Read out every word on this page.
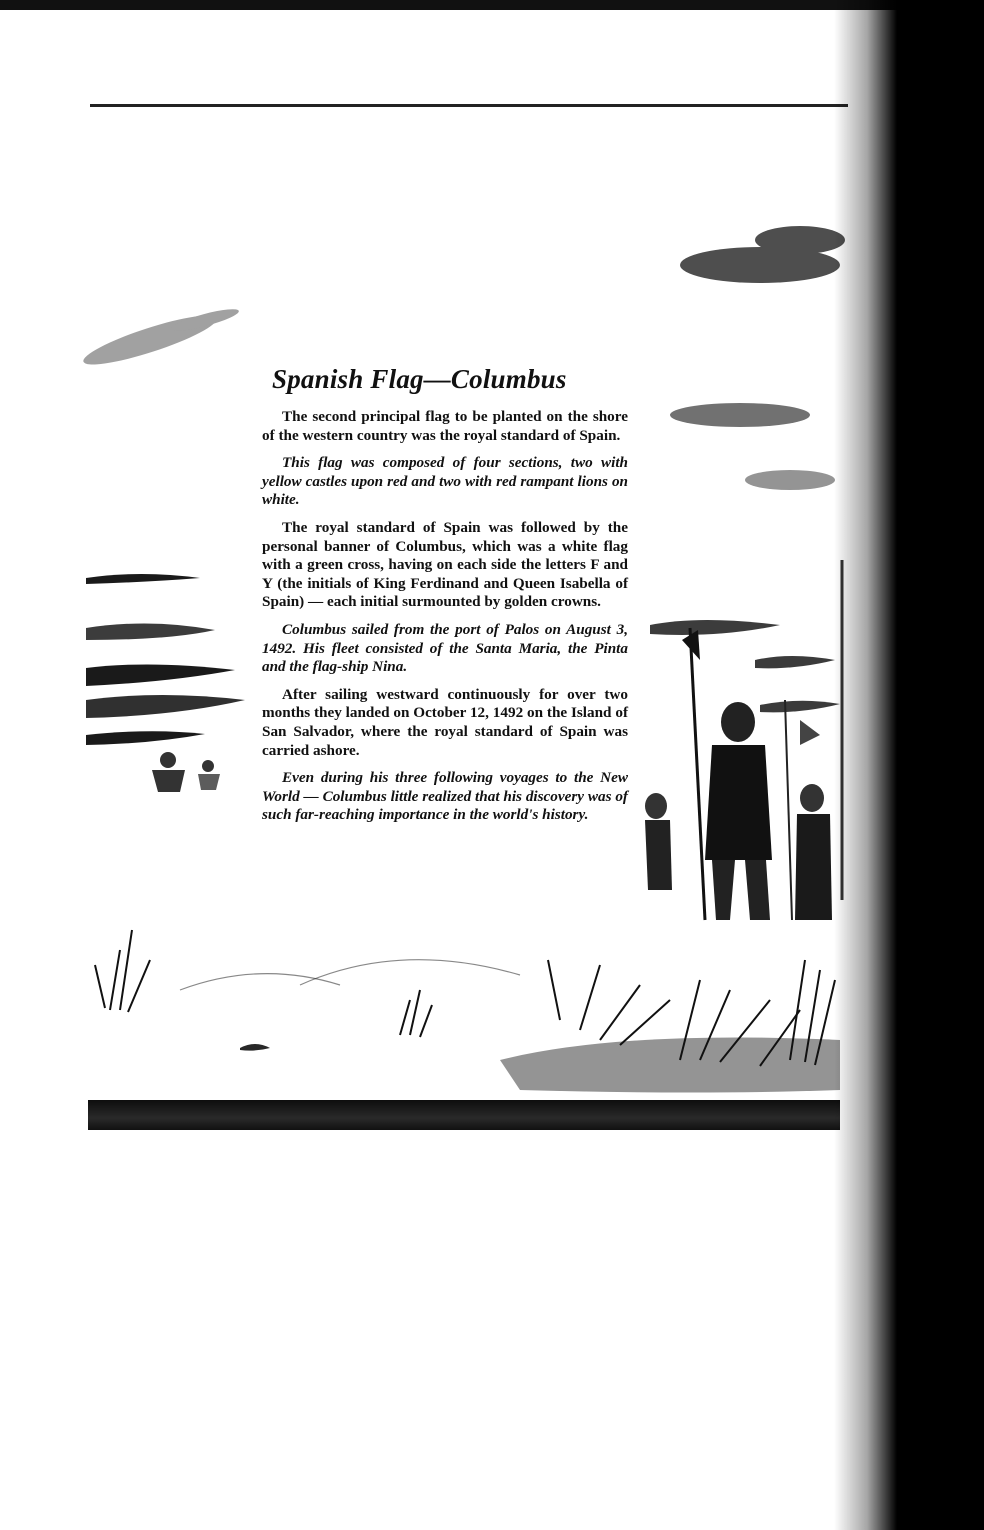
Spanish Flag—Columbus

The second principal flag to be planted on the shore of the western country was the royal standard of Spain.

This flag was composed of four sections, two with yellow castles upon red and two with red rampant lions on white.

The royal standard of Spain was followed by the personal banner of Columbus, which was a white flag with a green cross, having on each side the letters F and Y (the initials of King Ferdinand and Queen Isabella of Spain) — each initial surmounted by golden crowns.

Columbus sailed from the port of Palos on August 3, 1492. His fleet consisted of the Santa Maria, the Pinta and the flag-ship Nina.

After sailing westward continuously for over two months they landed on October 12, 1492 on the Island of San Salvador, where the royal standard of Spain was carried ashore.

Even during his three following voyages to the New World — Columbus little realized that his discovery was of such far-reaching importance in the world's history.
